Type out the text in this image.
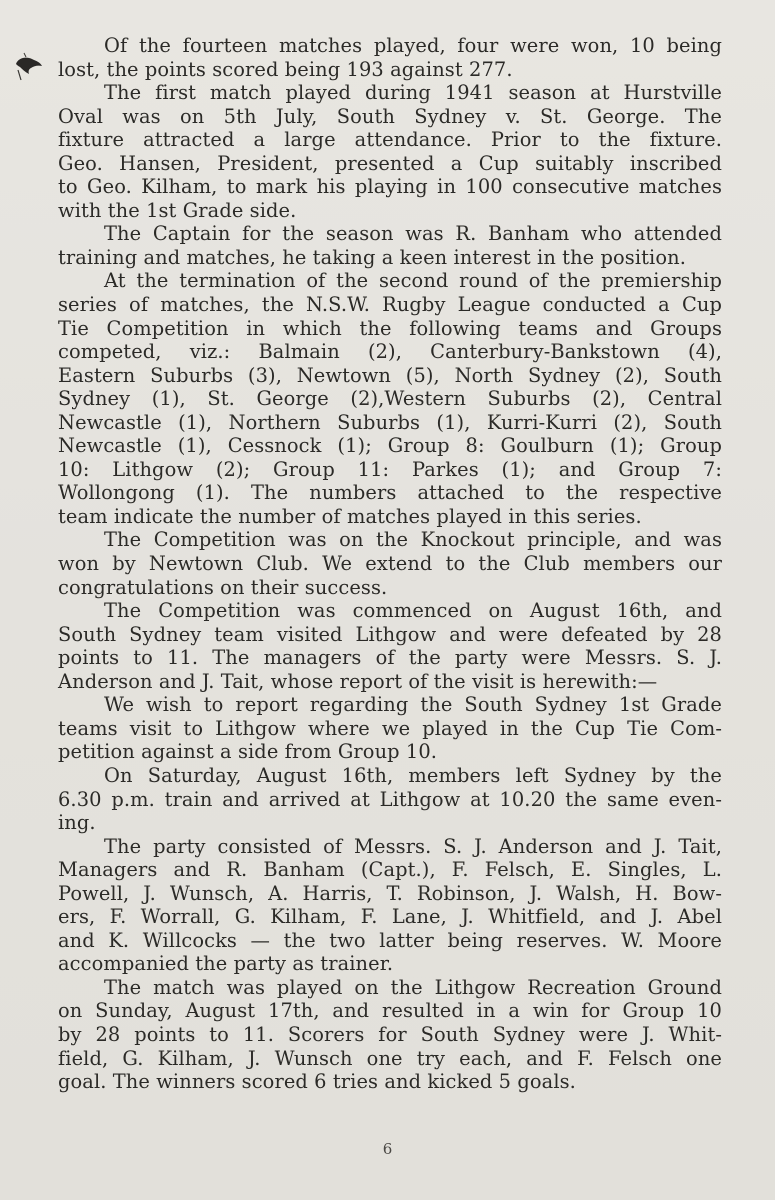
Of the fourteen matches played, four were won, 10 being
lost, the points scored being 193 against 277.
The first match played during 1941 season at Hurstville
Oval was on 5th July, South Sydney v. St. George. The
fixture attracted a large attendance. Prior to the fixture.
Geo. Hansen, President, presented a Cup suitably inscribed
to Geo. Kilham, to mark his playing in 100 consecutive matches
with the 1st Grade side.
The Captain for the season was R. Banham who attended
training and matches, he taking a keen interest in the position.
At the termination of the second round of the premiership
series of matches, the N.S.W. Rugby League conducted a Cup
Tie Competition in which the following teams and Groups
competed, viz.: Balmain (2), Canterbury-Bankstown (4),
Eastern Suburbs (3), Newtown (5), North Sydney (2), South
Sydney (1), St. George (2),Western Suburbs (2), Central
Newcastle (1), Northern Suburbs (1), Kurri-Kurri (2), South
Newcastle (1), Cessnock (1); Group 8: Goulburn (1); Group
10: Lithgow (2); Group 11: Parkes (1); and Group 7:
Wollongong (1). The numbers attached to the respective
team indicate the number of matches played in this series.
The Competition was on the Knockout principle, and was
won by Newtown Club. We extend to the Club members our
congratulations on their success.
The Competition was commenced on August 16th, and
South Sydney team visited Lithgow and were defeated by 28
points to 11. The managers of the party were Messrs. S. J.
Anderson and J. Tait, whose report of the visit is herewith:—
We wish to report regarding the South Sydney 1st Grade
teams visit to Lithgow where we played in the Cup Tie Com-
petition against a side from Group 10.
On Saturday, August 16th, members left Sydney by the
6.30 p.m. train and arrived at Lithgow at 10.20 the same even-
ing.
The party consisted of Messrs. S. J. Anderson and J. Tait,
Managers and R. Banham (Capt.), F. Felsch, E. Singles, L.
Powell, J. Wunsch, A. Harris, T. Robinson, J. Walsh, H. Bow-
ers, F. Worrall, G. Kilham, F. Lane, J. Whitfield, and J. Abel
and K. Willcocks — the two latter being reserves. W. Moore
accompanied the party as trainer.
The match was played on the Lithgow Recreation Ground
on Sunday, August 17th, and resulted in a win for Group 10
by 28 points to 11. Scorers for South Sydney were J. Whit-
field, G. Kilham, J. Wunsch one try each, and F. Felsch one
goal. The winners scored 6 tries and kicked 5 goals.
6
